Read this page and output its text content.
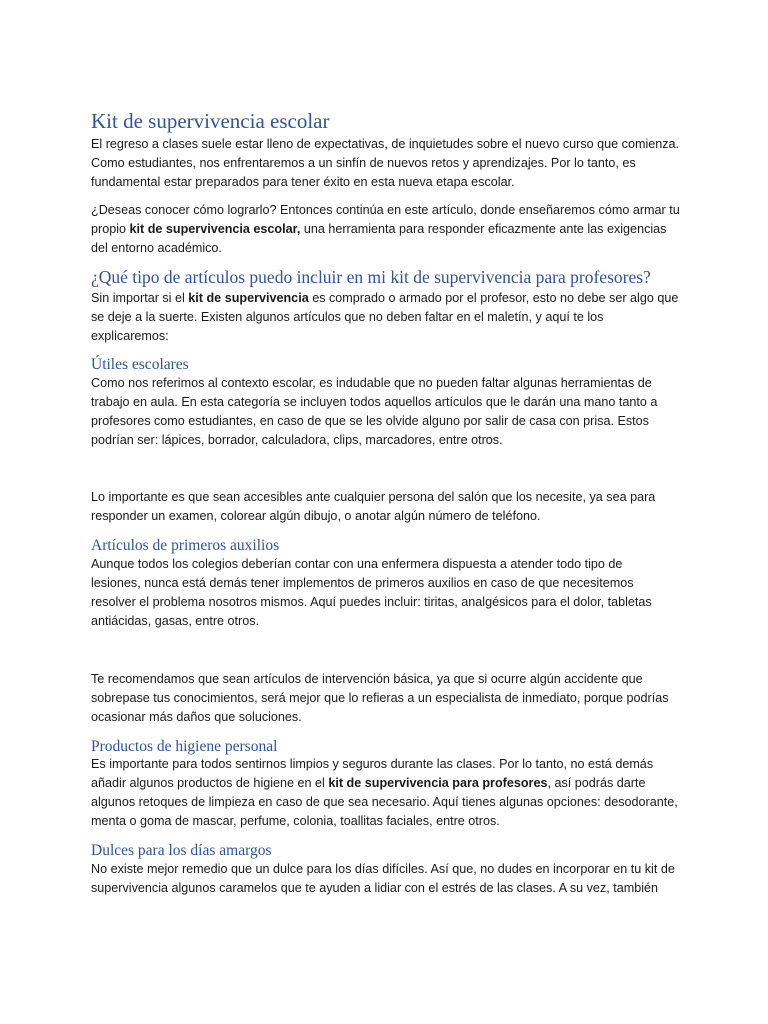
Kit de supervivencia escolar
El regreso a clases suele estar lleno de expectativas, de inquietudes sobre el nuevo curso que comienza.
Como estudiantes, nos enfrentaremos a un sinfín de nuevos retos y aprendizajes. Por lo tanto, es
fundamental estar preparados para tener éxito en esta nueva etapa escolar.
¿Deseas conocer cómo lograrlo? Entonces continúa en este artículo, donde enseñaremos cómo armar tu
propio kit de supervivencia escolar, una herramienta para responder eficazmente ante las exigencias
del entorno académico.
¿Qué tipo de artículos puedo incluir en mi kit de supervivencia para profesores?
Sin importar si el kit de supervivencia es comprado o armado por el profesor, esto no debe ser algo que
se deje a la suerte. Existen algunos artículos que no deben faltar en el maletín, y aquí te los
explicaremos:
Útiles escolares
Como nos referimos al contexto escolar, es indudable que no pueden faltar algunas herramientas de
trabajo en aula. En esta categoría se incluyen todos aquellos artículos que le darán una mano tanto a
profesores como estudiantes, en caso de que se les olvide alguno por salir de casa con prisa. Estos
podrían ser: lápices, borrador, calculadora, clips, marcadores, entre otros.
Lo importante es que sean accesibles ante cualquier persona del salón que los necesite, ya sea para
responder un examen, colorear algún dibujo, o anotar algún número de teléfono.
Artículos de primeros auxilios
Aunque todos los colegios deberían contar con una enfermera dispuesta a atender todo tipo de
lesiones, nunca está demás tener implementos de primeros auxilios en caso de que necesitemos
resolver el problema nosotros mismos. Aquí puedes incluir: tiritas, analgésicos para el dolor, tabletas
antiácidas, gasas, entre otros.
Te recomendamos que sean artículos de intervención básica, ya que si ocurre algún accidente que
sobrepase tus conocimientos, será mejor que lo refieras a un especialista de inmediato, porque podrías
ocasionar más daños que soluciones.
Productos de higiene personal
Es importante para todos sentirnos limpios y seguros durante las clases. Por lo tanto, no está demás
añadir algunos productos de higiene en el kit de supervivencia para profesores, así podrás darte
algunos retoques de limpieza en caso de que sea necesario. Aquí tienes algunas opciones: desodorante,
menta o goma de mascar, perfume, colonia, toallitas faciales, entre otros.
Dulces para los días amargos
No existe mejor remedio que un dulce para los días difíciles. Así que, no dudes en incorporar en tu kit de
supervivencia algunos caramelos que te ayuden a lidiar con el estrés de las clases. A su vez, también
